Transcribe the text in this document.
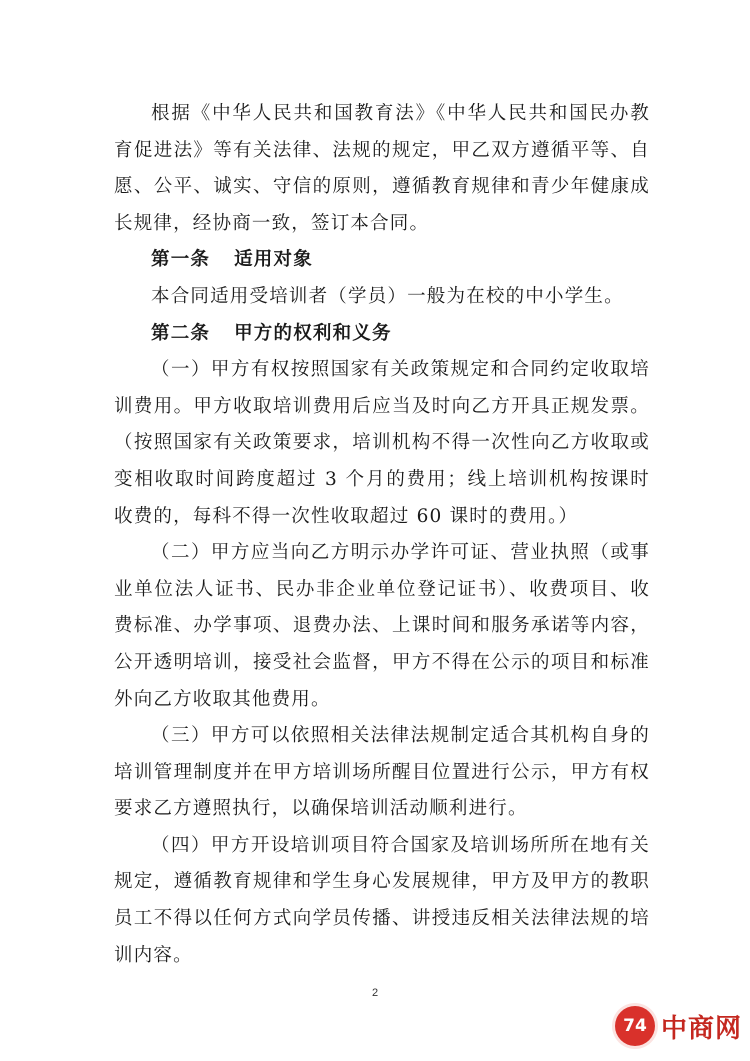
根据《中华人民共和国教育法》《中华人民共和国民办教育促进法》等有关法律、法规的规定，甲乙双方遵循平等、自愿、公平、诚实、守信的原则，遵循教育规律和青少年健康成长规律，经协商一致，签订本合同。

第一条 适用对象

本合同适用受培训者（学员）一般为在校的中小学生。

第二条 甲方的权利和义务

（一）甲方有权按照国家有关政策规定和合同约定收取培训费用。甲方收取培训费用后应当及时向乙方开具正规发票。（按照国家有关政策要求，培训机构不得一次性向乙方收取或变相收取时间跨度超过 3 个月的费用；线上培训机构按课时收费的，每科不得一次性收取超过 60 课时的费用。）

（二）甲方应当向乙方明示办学许可证、营业执照（或事业单位法人证书、民办非企业单位登记证书）、收费项目、收费标准、办学事项、退费办法、上课时间和服务承诺等内容，公开透明培训，接受社会监督，甲方不得在公示的项目和标准外向乙方收取其他费用。

（三）甲方可以依照相关法律法规制定适合其机构自身的培训管理制度并在甲方培训场所醒目位置进行公示，甲方有权要求乙方遵照执行，以确保培训活动顺利进行。

（四）甲方开设培训项目符合国家及培训场所所在地有关规定，遵循教育规律和学生身心发展规律，甲方及甲方的教职员工不得以任何方式向学员传播、讲授违反相关法律法规的培训内容。

2
74 中商网
